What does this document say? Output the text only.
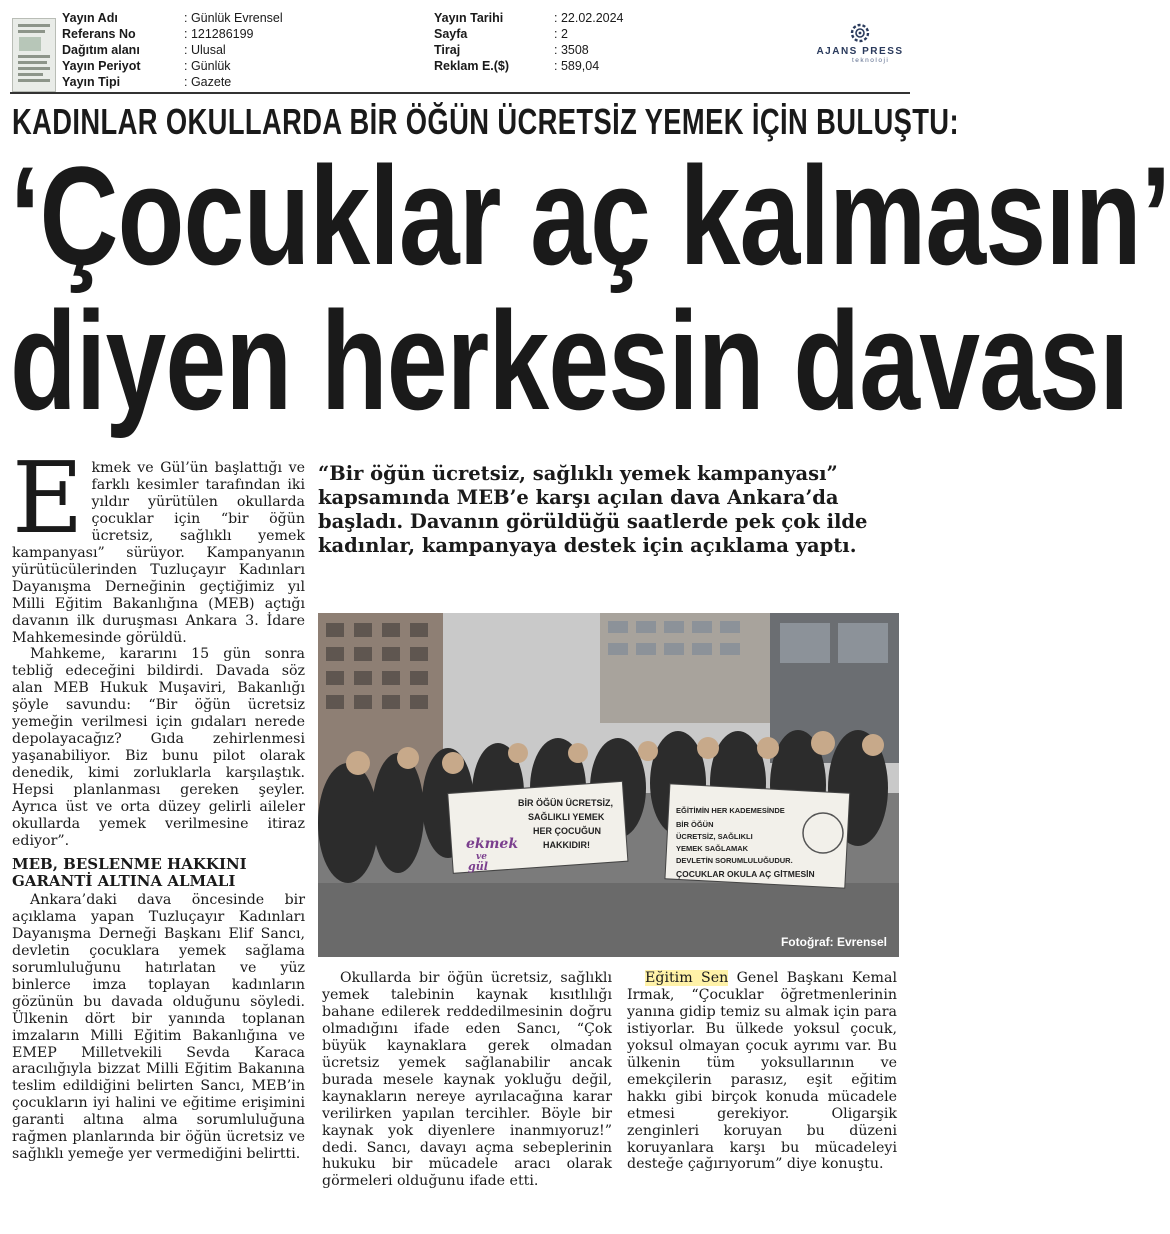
Yayın Adı	: Günlük Evrensel
Referans No	: 121286199
Dağıtım alanı	: Ulusal
Yayın Periyot	: Günlük
Yayın Tipi	: Gazete
Yayın Tarihi	: 22.02.2024
Sayfa	: 2
Tiraj	: 3508
Reklam E.($)	: 589,04
AJANS PRESS
teknoloji
KADINLAR OKULLARDA BİR ÖĞÜN ÜCRETSİZ YEMEK İÇİN BULUŞTU:
‘Çocuklar aç kalmasın’
diyen herkesin davası

Ekmek ve Gül’ün başlattığı ve farklı kesimler tarafından iki yıldır yürütülen okullarda çocuklar için “bir öğün ücretsiz, sağlıklı yemek kampanyası” sürüyor. Kampanyanın yürütücülerinden Tuzluçayır Kadınları Dayanışma Derneğinin geçtiğimiz yıl Milli Eğitim Bakanlığına (MEB) açtığı davanın ilk duruşması Ankara 3. İdare Mahkemesinde görüldü.

Mahkeme, kararını 15 gün sonra tebliğ edeceğini bildirdi. Davada söz alan MEB Hukuk Muşaviri, Bakanlığı şöyle savundu: “Bir öğün ücretsiz yemeğin verilmesi için gıdaları nerede depolayacağız? Gıda zehirlenmesi yaşanabiliyor. Biz bunu pilot olarak denedik, kimi zorluklarla karşılaştık. Hepsi planlanması gereken şeyler. Ayrıca üst ve orta düzey gelirli aileler okullarda yemek verilmesine itiraz ediyor”.

MEB, BESLENME HAKKINI GARANTİ ALTINA ALMALI

Ankara’daki dava öncesinde bir açıklama yapan Tuzluçayır Kadınları Dayanışma Derneği Başkanı Elif Sancı, devletin çocuklara yemek sağlama sorumluluğunu hatırlatan ve yüz binlerce imza toplayan kadınların gözünün bu davada olduğunu söyledi. Ülkenin dört bir yanında toplanan imzaların Milli Eğitim Bakanlığına ve EMEP Milletvekili Sevda Karaca aracılığıyla bizzat Milli Eğitim Bakanına teslim edildiğini belirten Sancı, MEB’in çocukların iyi halini ve eğitime erişimini garanti altına alma sorumluluğuna rağmen planlarında bir öğün ücretsiz ve sağlıklı yemeğe yer vermediğini belirtti.

“Bir öğün ücretsiz, sağlıklı yemek kampanyası” kapsamında MEB’e karşı açılan dava Ankara’da başladı. Davanın görüldüğü saatlerde pek çok ilde kadınlar, kampanyaya destek için açıklama yaptı.
ekmek
ve
gül
BİR ÖĞÜN ÜCRETSİZ,
SAĞLIKLI YEMEK
HER ÇOCUĞUN
HAKKIDIR!
EĞİTİMİN HER KADEMESİNDE
BİR ÖĞÜN
ÜCRETSİZ, SAĞLIKLI
YEMEK SAĞLAMAK
DEVLETİN SORUMLULUĞUDUR.
ÇOCUKLAR OKULA AÇ GİTMESİN
Fotoğraf: Evrensel

Okullarda bir öğün ücretsiz, sağlıklı yemek talebinin kaynak kısıtlılığı bahane edilerek reddedilmesinin doğru olmadığını ifade eden Sancı, “Çok büyük kaynaklara gerek olmadan ücretsiz yemek sağlanabilir ancak burada mesele kaynak yokluğu değil, kaynakların nereye ayrılacağına karar verilirken yapılan tercihler. Böyle bir kaynak yok diyenlere inanmıyoruz!” dedi. Sancı, davayı açma sebeplerinin hukuku bir mücadele aracı olarak görmeleri olduğunu ifade etti.

Eğitim Sen Genel Başkanı Kemal Irmak, “Çocuklar öğretmenlerinin yanına gidip temiz su almak için para istiyorlar. Bu ülkede yoksul çocuk, yoksul olmayan çocuk ayrımı var. Bu ülkenin tüm yoksullarının ve emekçilerin parasız, eşit eğitim hakkı gibi birçok konuda mücadele etmesi gerekiyor. Oligarşik zenginleri koruyan bu düzeni koruyanlara karşı bu mücadeleyi desteğe çağırıyorum” diye konuştu.
